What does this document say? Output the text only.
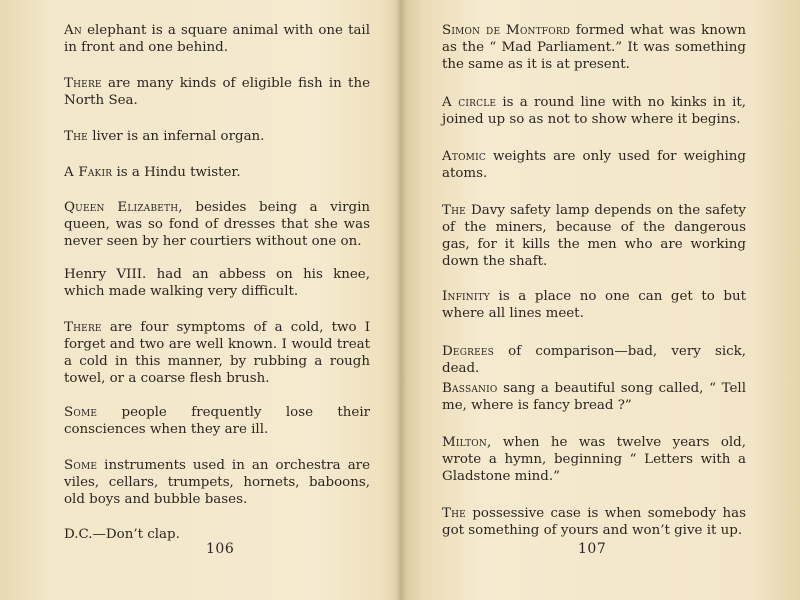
An elephant is a square animal with one tail in front and one behind.

There are many kinds of eligible fish in the North Sea.

The liver is an infernal organ.

A Fakir is a Hindu twister.

Queen Elizabeth, besides being a virgin queen, was so fond of dresses that she was never seen by her courtiers without one on.

Henry VIII. had an abbess on his knee, which made walking very difficult.

There are four symptoms of a cold, two I forget and two are well known. I would treat a cold in this manner, by rubbing a rough towel, or a coarse flesh brush.

Some people frequently lose their consciences when they are ill.

Some instruments used in an orchestra are viles, cellars, trumpets, hornets, baboons, old boys and bubble bases.

D.C.—Don’t clap.

106

Simon de Montford formed what was known as the “ Mad Parliament.” It was something the same as it is at present.

A circle is a round line with no kinks in it, joined up so as not to show where it begins.

Atomic weights are only used for weighing atoms.

The Davy safety lamp depends on the safety of the miners, because of the dangerous gas, for it kills the men who are working down the shaft.

Infinity is a place no one can get to but where all lines meet.

Degrees of comparison—bad, very sick, dead.

Bassanio sang a beautiful song called, “ Tell me, where is fancy bread ?”

Milton, when he was twelve years old, wrote a hymn, beginning “ Letters with a Gladstone mind.”

The possessive case is when somebody has got something of yours and won’t give it up.

107
